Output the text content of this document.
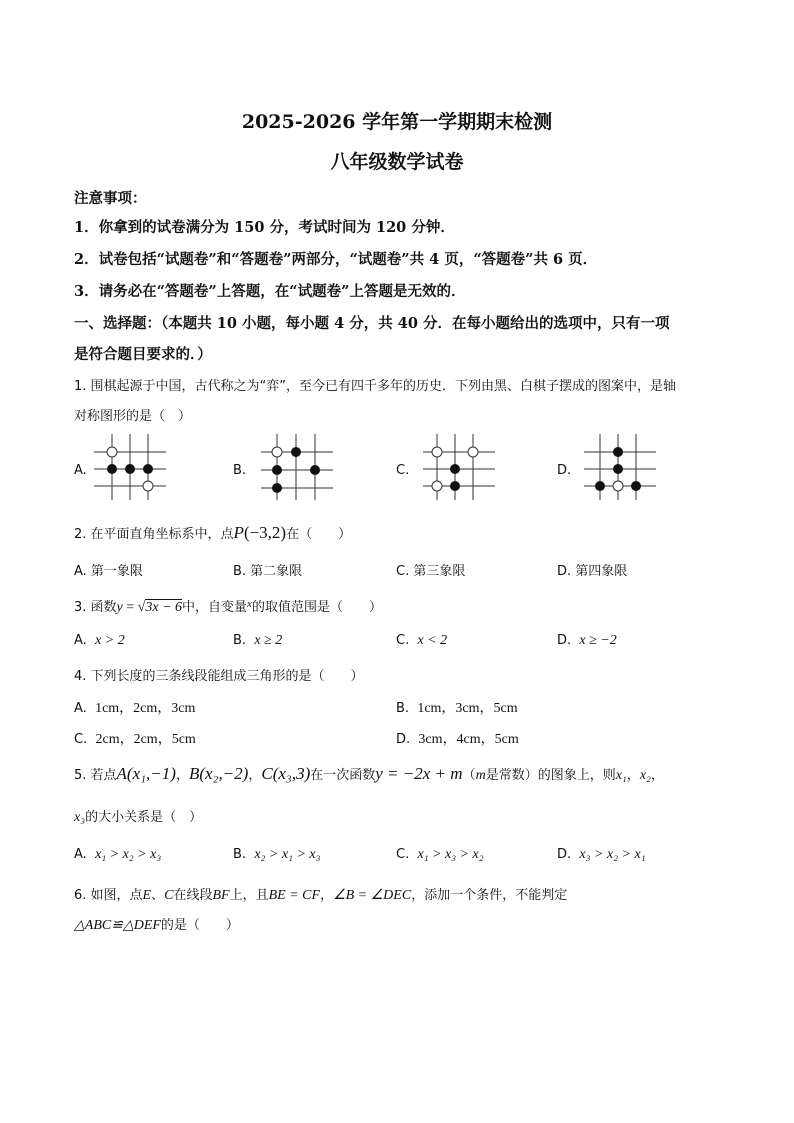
2025-2026 学年第一学期期末检测
八年级数学试卷
注意事项：
1．你拿到的试卷满分为 150 分，考试时间为 120 分钟．
2．试卷包括“试题卷”和“答题卷”两部分，“试题卷”共 4 页，“答题卷”共 6 页．
3．请务必在“答题卷”上答题，在“试题卷”上答题是无效的．
一、选择题：（本题共 10 小题，每小题 4 分，共 40 分．在每小题给出的选项中，只有一项
是符合题目要求的．）
1. 围棋起源于中国，古代称之为“弈”，至今已有四千多年的历史．下列由黑、白棋子摆成的图案中，是轴
对称图形的是（　）
A.	B.	C.	D.
2. 在平面直角坐标系中，点P(−3,2)在（　　）
A. 第一象限	B. 第二象限	C. 第三象限	D. 第四象限
3. 函数y = √3x − 6中，自变量$^x$的取值范围是（　　）
A. x > 2	B. x ≥ 2	C. x < 2	D. x ≥ −2
4. 下列长度的三条线段能组成三角形的是（　　）
A. 1cm，2cm，3cm	B. 1cm，3cm，5cm
C. 2cm，2cm，5cm	D. 3cm，4cm，5cm
5. 若点A(x₁,−1)，B(x₂,−2)，C(x₃,3)在一次函数y = −2x + m（m是常数）的图象上，则x₁，x₂，
x₃的大小关系是（　）
A. x₁ > x₂ > x₃	B. x₂ > x₁ > x₃	C. x₁ > x₃ > x₂	D. x₃ > x₂ > x₁
6. 如图，点E、C在线段BF上，且BE = CF，∠B = ∠DEC，添加一个条件，不能判定
△ABC≌△DEF的是（　　）
